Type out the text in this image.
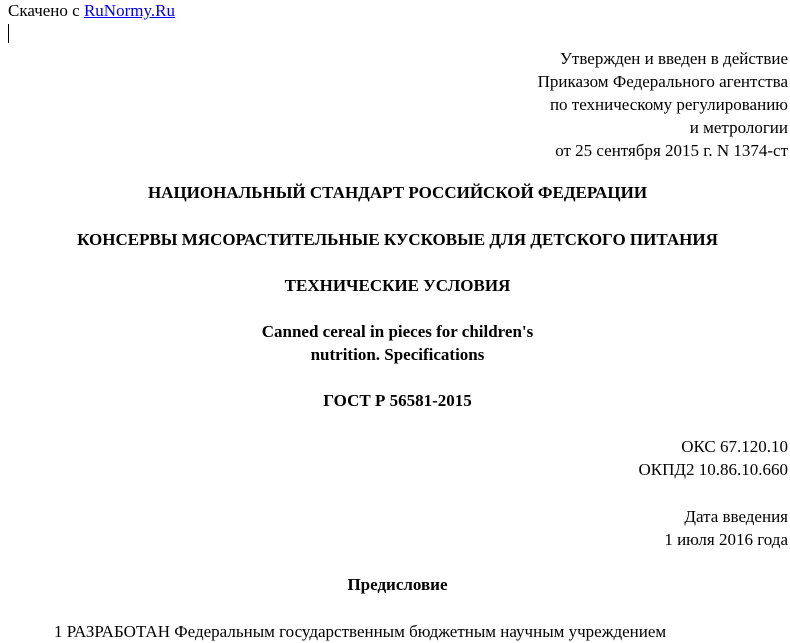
Скачено с RuNormy.Ru
Утвержден и введен в действие
Приказом Федерального агентства
по техническому регулированию
и метрологии
от 25 сентября 2015 г. N 1374-ст
НАЦИОНАЛЬНЫЙ СТАНДАРТ РОССИЙСКОЙ ФЕДЕРАЦИИ
КОНСЕРВЫ МЯСОРАСТИТЕЛЬНЫЕ КУСКОВЫЕ ДЛЯ ДЕТСКОГО ПИТАНИЯ
ТЕХНИЧЕСКИЕ УСЛОВИЯ
Canned cereal in pieces for children's
nutrition. Specifications
ГОСТ Р 56581-2015
ОКС 67.120.10
ОКПД2 10.86.10.660
Дата введения
1 июля 2016 года
Предисловие
1 РАЗРАБОТАН Федеральным государственным бюджетным научным учреждением
